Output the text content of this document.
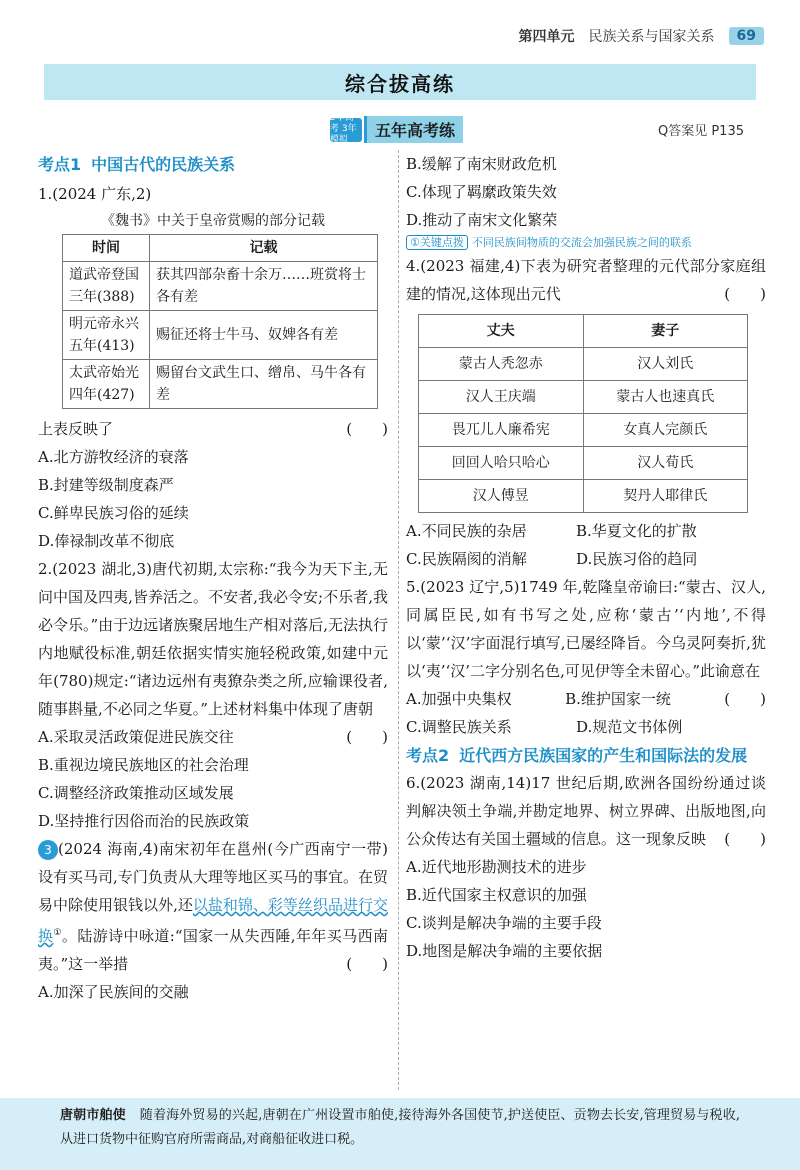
第四单元 民族关系与国家关系	69
综合拔高练
5年高考 3年模拟	五年高考练	Q答案见 P135
考点1 中国古代的民族关系

1.(2024 广东,2)

《魏书》中关于皇帝赏赐的部分记载
时间	记载
道武帝登国三年(388)	获其四部杂畜十余万……班赏将士各有差
明元帝永兴五年(413)	赐征还将士牛马、奴婢各有差
太武帝始光四年(427)	赐留台文武生口、缯帛、马牛各有差

上表反映了	(　　)

A.北方游牧经济的衰落
B.封建等级制度森严
C.鲜卑民族习俗的延续
D.俸禄制改革不彻底

2.(2023 湖北,3)唐代初期,太宗称:“我今为天下主,无问中国及四夷,皆养活之。不安者,我必令安;不乐者,我必令乐。”由于边远诸族聚居地生产相对落后,无法执行内地赋役标准,朝廷依据实情实施轻税政策,如建中元年(780)规定:“诸边远州有夷獠杂类之所,应输课役者,随事斟量,不必同之华夏。”上述材料集中体现了唐朝
(　　)

A.采取灵活政策促进民族交往
B.重视边境民族地区的社会治理
C.调整经济政策推动区域发展
D.坚持推行因俗而治的民族政策

3 (2024 海南,4)南宋初年在邕州(今广西南宁一带)设有买马司,专门负责从大理等地区买马的事宜。在贸易中除使用银钱以外,还以盐和锦、彩等丝织品进行交换①。陆游诗中咏道:“国家一从失西陲,年年买马西南夷。”这一举措	(　　)

A.加深了民族间的交融
B.缓解了南宋财政危机
C.体现了羁縻政策失效
D.推动了南宋文化繁荣
①关键点拨 不同民族间物质的交流会加强民族之间的联系

4.(2023 福建,4)下表为研究者整理的元代部分家庭组建的情况,这体现出元代	(　　)

丈夫	妻子
蒙古人秃忽赤	汉人刘氏
汉人王庆端	蒙古人也速真氏
畏兀儿人廉希宪	女真人完颜氏
回回人哈只哈心	汉人荀氏
汉人傅昱	契丹人耶律氏
A.不同民族的杂居	B.华夏文化的扩散
C.民族隔阂的消解	D.民族习俗的趋同

5.(2023 辽宁,5)1749 年,乾隆皇帝谕曰:“蒙古、汉人,同属臣民,如有书写之处,应称‘蒙古’‘内地’,不得以‘蒙’‘汉’字面混行填写,已屡经降旨。今乌灵阿奏折,犹以‘夷’‘汉’二字分别名色,可见伊等全未留心。”此谕意在
(　　)

A.加强中央集权	B.维护国家一统
C.调整民族关系	D.规范文书体例
考点2 近代西方民族国家的产生和国际法的发展

6.(2023 湖南,14)17 世纪后期,欧洲各国纷纷通过谈判解决领土争端,并勘定地界、树立界碑、出版地图,向公众传达有关国土疆域的信息。这一现象反映 (　　)

A.近代地形勘测技术的进步
B.近代国家主权意识的加强
C.谈判是解决争端的主要手段
D.地图是解决争端的主要依据

唐朝市舶使 随着海外贸易的兴起,唐朝在广州设置市舶使,接待海外各国使节,护送使臣、贡物去长安,管理贸易与税收,从进口货物中征购官府所需商品,对商船征收进口税。
